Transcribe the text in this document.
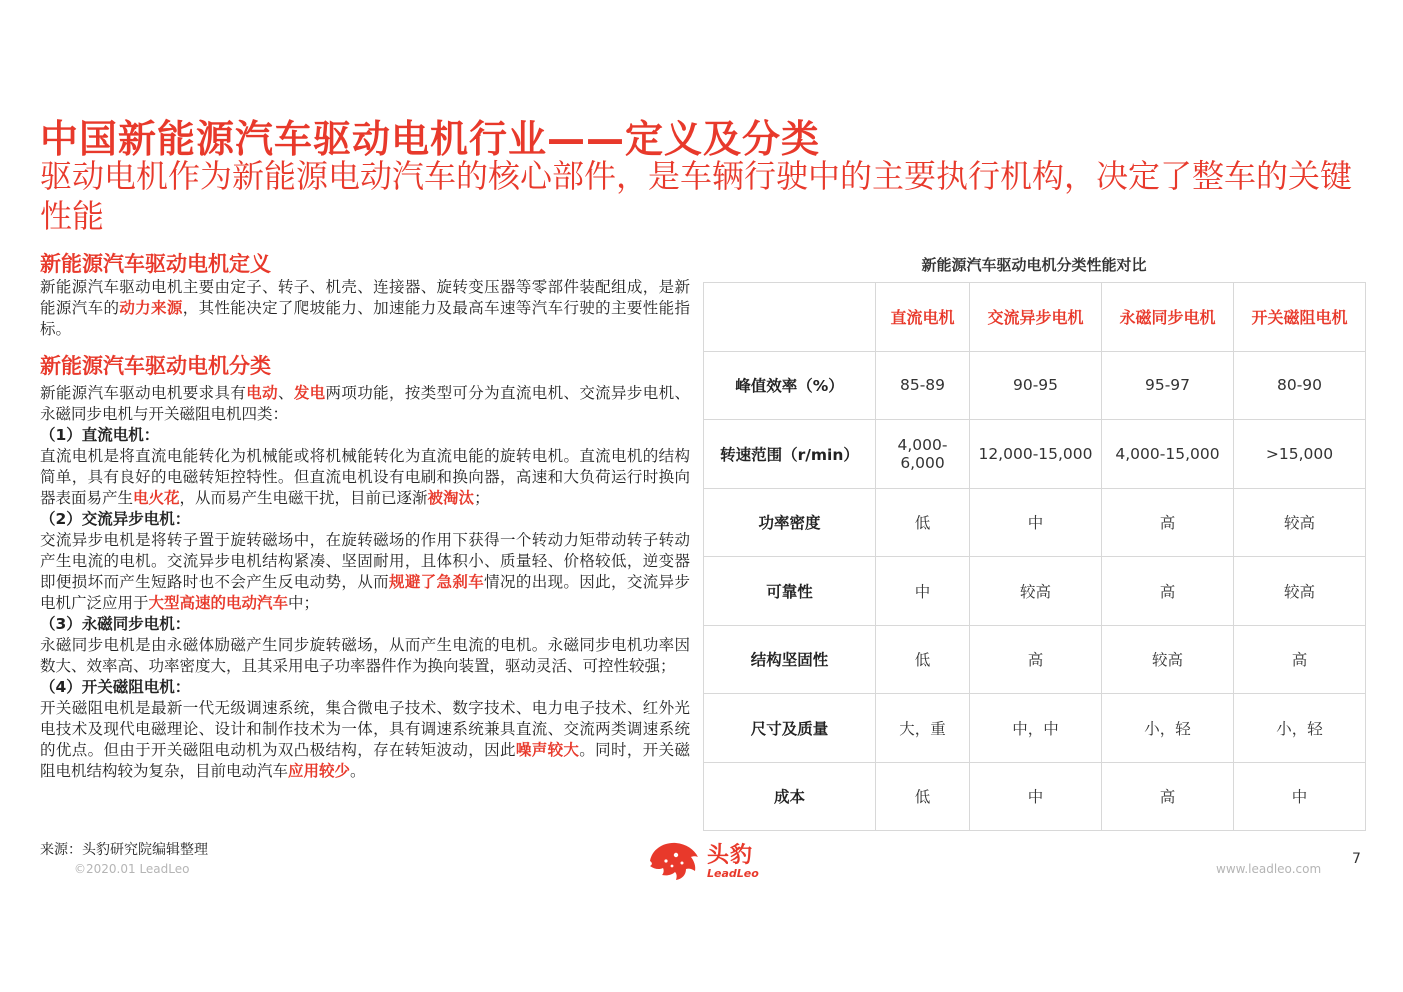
中国新能源汽车驱动电机行业——定义及分类
驱动电机作为新能源电动汽车的核心部件，是车辆行驶中的主要执行机构，决定了整车的关键性能
新能源汽车驱动电机定义
新能源汽车驱动电机主要由定子、转子、机壳、连接器、旋转变压器等零部件装配组成，是新能源汽车的动力来源，其性能决定了爬坡能力、加速能力及最高车速等汽车行驶的主要性能指标。
新能源汽车驱动电机分类
新能源汽车驱动电机要求具有电动、发电两项功能，按类型可分为直流电机、交流异步电机、永磁同步电机与开关磁阻电机四类：
（1）直流电机：
直流电机是将直流电能转化为机械能或将机械能转化为直流电能的旋转电机。直流电机的结构简单，具有良好的电磁转矩控特性。但直流电机设有电刷和换向器，高速和大负荷运行时换向器表面易产生电火花，从而易产生电磁干扰，目前已逐渐被淘汰；
（2）交流异步电机：
交流异步电机是将转子置于旋转磁场中，在旋转磁场的作用下获得一个转动力矩带动转子转动产生电流的电机。交流异步电机结构紧凑、坚固耐用，且体积小、质量轻、价格较低，逆变器即便损坏而产生短路时也不会产生反电动势，从而规避了急刹车情况的出现。因此，交流异步电机广泛应用于大型高速的电动汽车中；
（3）永磁同步电机：
永磁同步电机是由永磁体励磁产生同步旋转磁场，从而产生电流的电机。永磁同步电机功率因数大、效率高、功率密度大，且其采用电子功率器件作为换向装置，驱动灵活、可控性较强；
（4）开关磁阻电机：
开关磁阻电机是最新一代无级调速系统，集合微电子技术、数字技术、电力电子技术、红外光电技术及现代电磁理论、设计和制作技术为一体，具有调速系统兼具直流、交流两类调速系统的优点。但由于开关磁阻电动机为双凸极结构，存在转矩波动，因此噪声较大。同时，开关磁阻电机结构较为复杂，目前电动汽车应用较少。
新能源汽车驱动电机分类性能对比
	直流电机	交流异步电机	永磁同步电机	开关磁阻电机
峰值效率（%）	85-89	90-95	95-97	80-90
转速范围（r/min）	4,000-6,000	12,000-15,000	4,000-15,000	>15,000
功率密度	低	中	高	较高
可靠性	中	较高	高	较高
结构坚固性	低	高	较高	高
尺寸及质量	大，重	中，中	小，轻	小，轻
成本	低	中	高	中
来源：头豹研究院编辑整理
©2020.01 LeadLeo	www.leadleo.com
7
头豹
LeadLeo
